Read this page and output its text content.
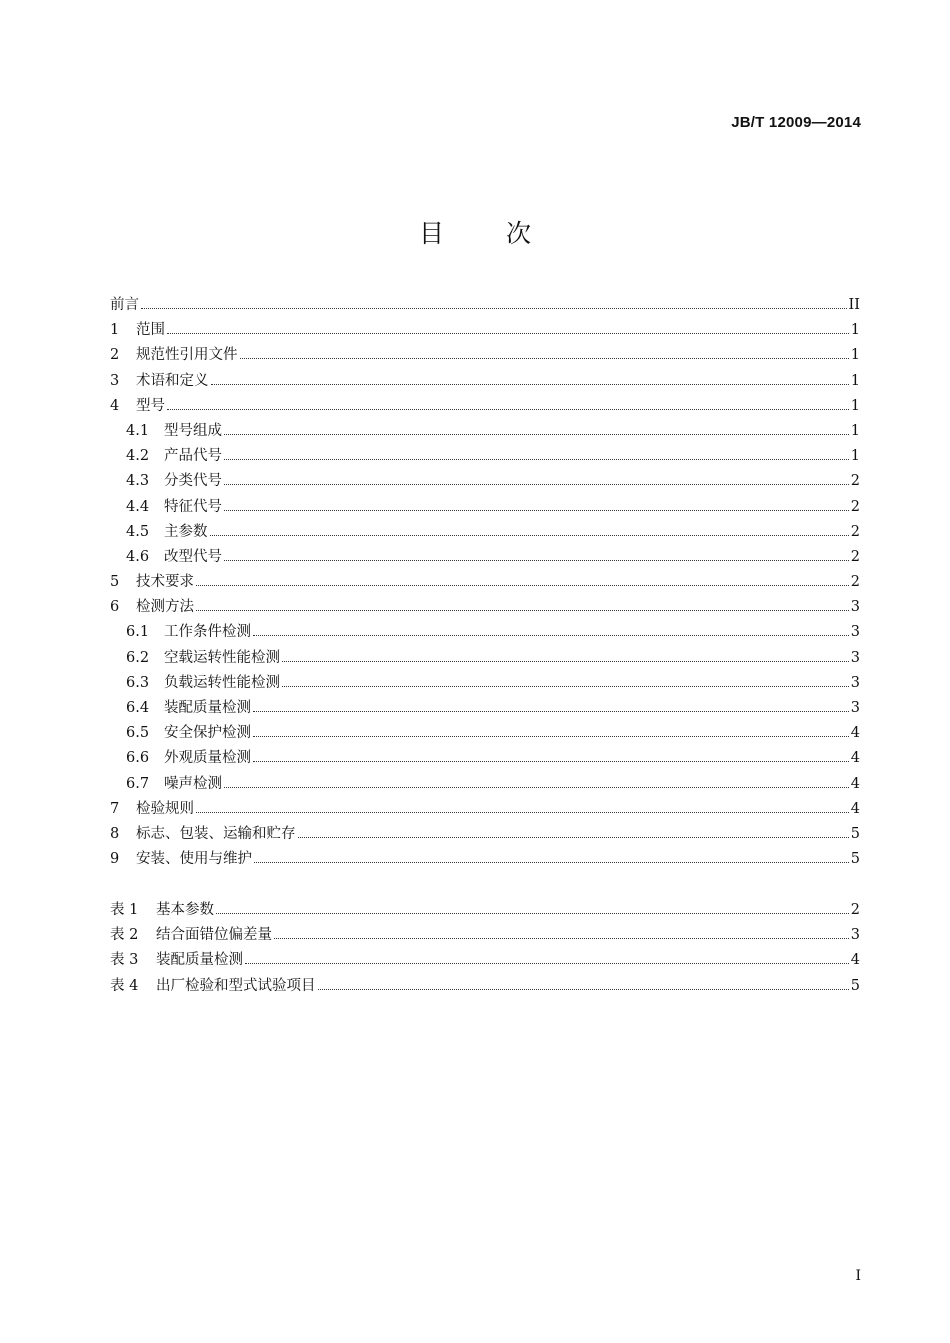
JB/T 12009—2014
目次
前言	II
1	范围	1
2	规范性引用文件	1
3	术语和定义	1
4	型号	1
4.1	型号组成	1
4.2	产品代号	1
4.3	分类代号	2
4.4	特征代号	2
4.5	主参数	2
4.6	改型代号	2
5	技术要求	2
6	检测方法	3
6.1	工作条件检测	3
6.2	空载运转性能检测	3
6.3	负载运转性能检测	3
6.4	装配质量检测	3
6.5	安全保护检测	4
6.6	外观质量检测	4
6.7	噪声检测	4
7	检验规则	4
8	标志、包装、运输和贮存	5
9	安装、使用与维护	5
表 1	基本参数	2
表 2	结合面错位偏差量	3
表 3	装配质量检测	4
表 4	出厂检验和型式试验项目	5
I
